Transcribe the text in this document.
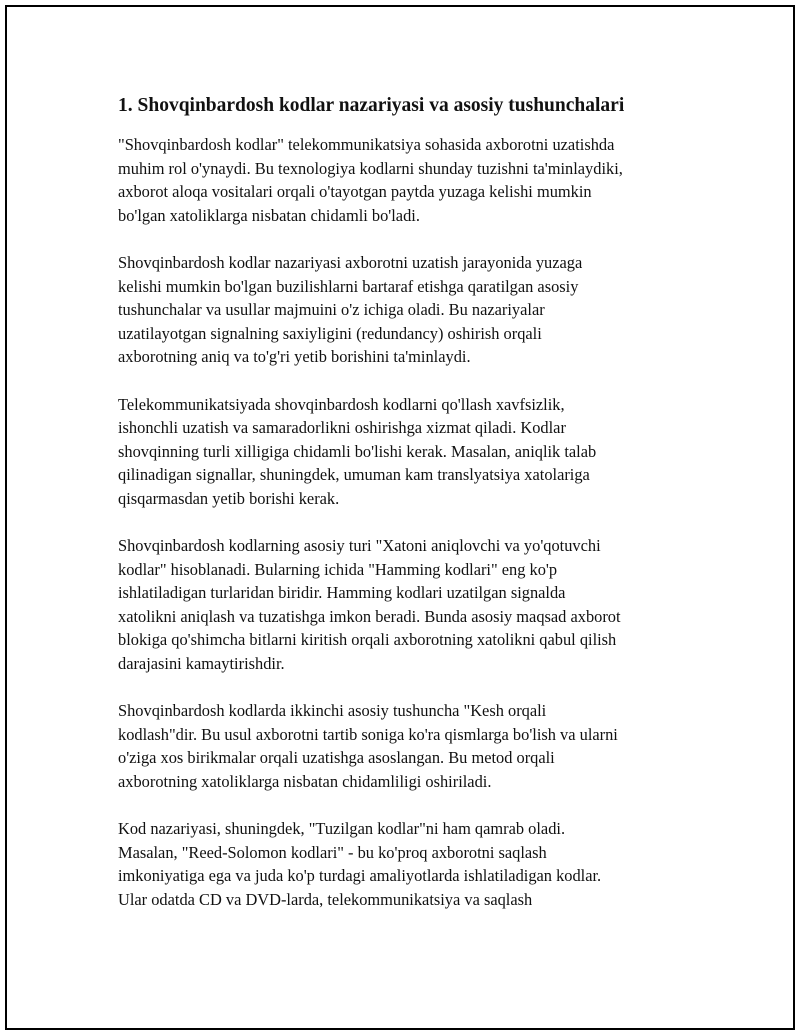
1. Shovqinbardosh kodlar nazariyasi va asosiy tushunchalari

"Shovqinbardosh kodlar" telekommunikatsiya sohasida axborotni uzatishda
muhim rol o'ynaydi. Bu texnologiya kodlarni shunday tuzishni ta'minlaydiki,
axborot aloqa vositalari orqali o'tayotgan paytda yuzaga kelishi mumkin
bo'lgan xatoliklarga nisbatan chidamli bo'ladi.

Shovqinbardosh kodlar nazariyasi axborotni uzatish jarayonida yuzaga
kelishi mumkin bo'lgan buzilishlarni bartaraf etishga qaratilgan asosiy
tushunchalar va usullar majmuini o'z ichiga oladi. Bu nazariyalar
uzatilayotgan signalning saxiyligini (redundancy) oshirish orqali
axborotning aniq va to'g'ri yetib borishini ta'minlaydi.

Telekommunikatsiyada shovqinbardosh kodlarni qo'llash xavfsizlik,
ishonchli uzatish va samaradorlikni oshirishga xizmat qiladi. Kodlar
shovqinning turli xilligiga chidamli bo'lishi kerak. Masalan, aniqlik talab
qilinadigan signallar, shuningdek, umuman kam translyatsiya xatolariga
qisqarmasdan yetib borishi kerak.

Shovqinbardosh kodlarning asosiy turi "Xatoni aniqlovchi va yo'qotuvchi
kodlar" hisoblanadi. Bularning ichida "Hamming kodlari" eng ko'p
ishlatiladigan turlaridan biridir. Hamming kodlari uzatilgan signalda
xatolikni aniqlash va tuzatishga imkon beradi. Bunda asosiy maqsad axborot
blokiga qo'shimcha bitlarni kiritish orqali axborotning xatolikni qabul qilish
darajasini kamaytirishdir.

Shovqinbardosh kodlarda ikkinchi asosiy tushuncha "Kesh orqali
kodlash"dir. Bu usul axborotni tartib soniga ko'ra qismlarga bo'lish va ularni
o'ziga xos birikmalar orqali uzatishga asoslangan. Bu metod orqali
axborotning xatoliklarga nisbatan chidamliligi oshiriladi.

Kod nazariyasi, shuningdek, "Tuzilgan kodlar"ni ham qamrab oladi.
Masalan, "Reed-Solomon kodlari" - bu ko'proq axborotni saqlash
imkoniyatiga ega va juda ko'p turdagi amaliyotlarda ishlatiladigan kodlar.
Ular odatda CD va DVD-larda, telekommunikatsiya va saqlash
